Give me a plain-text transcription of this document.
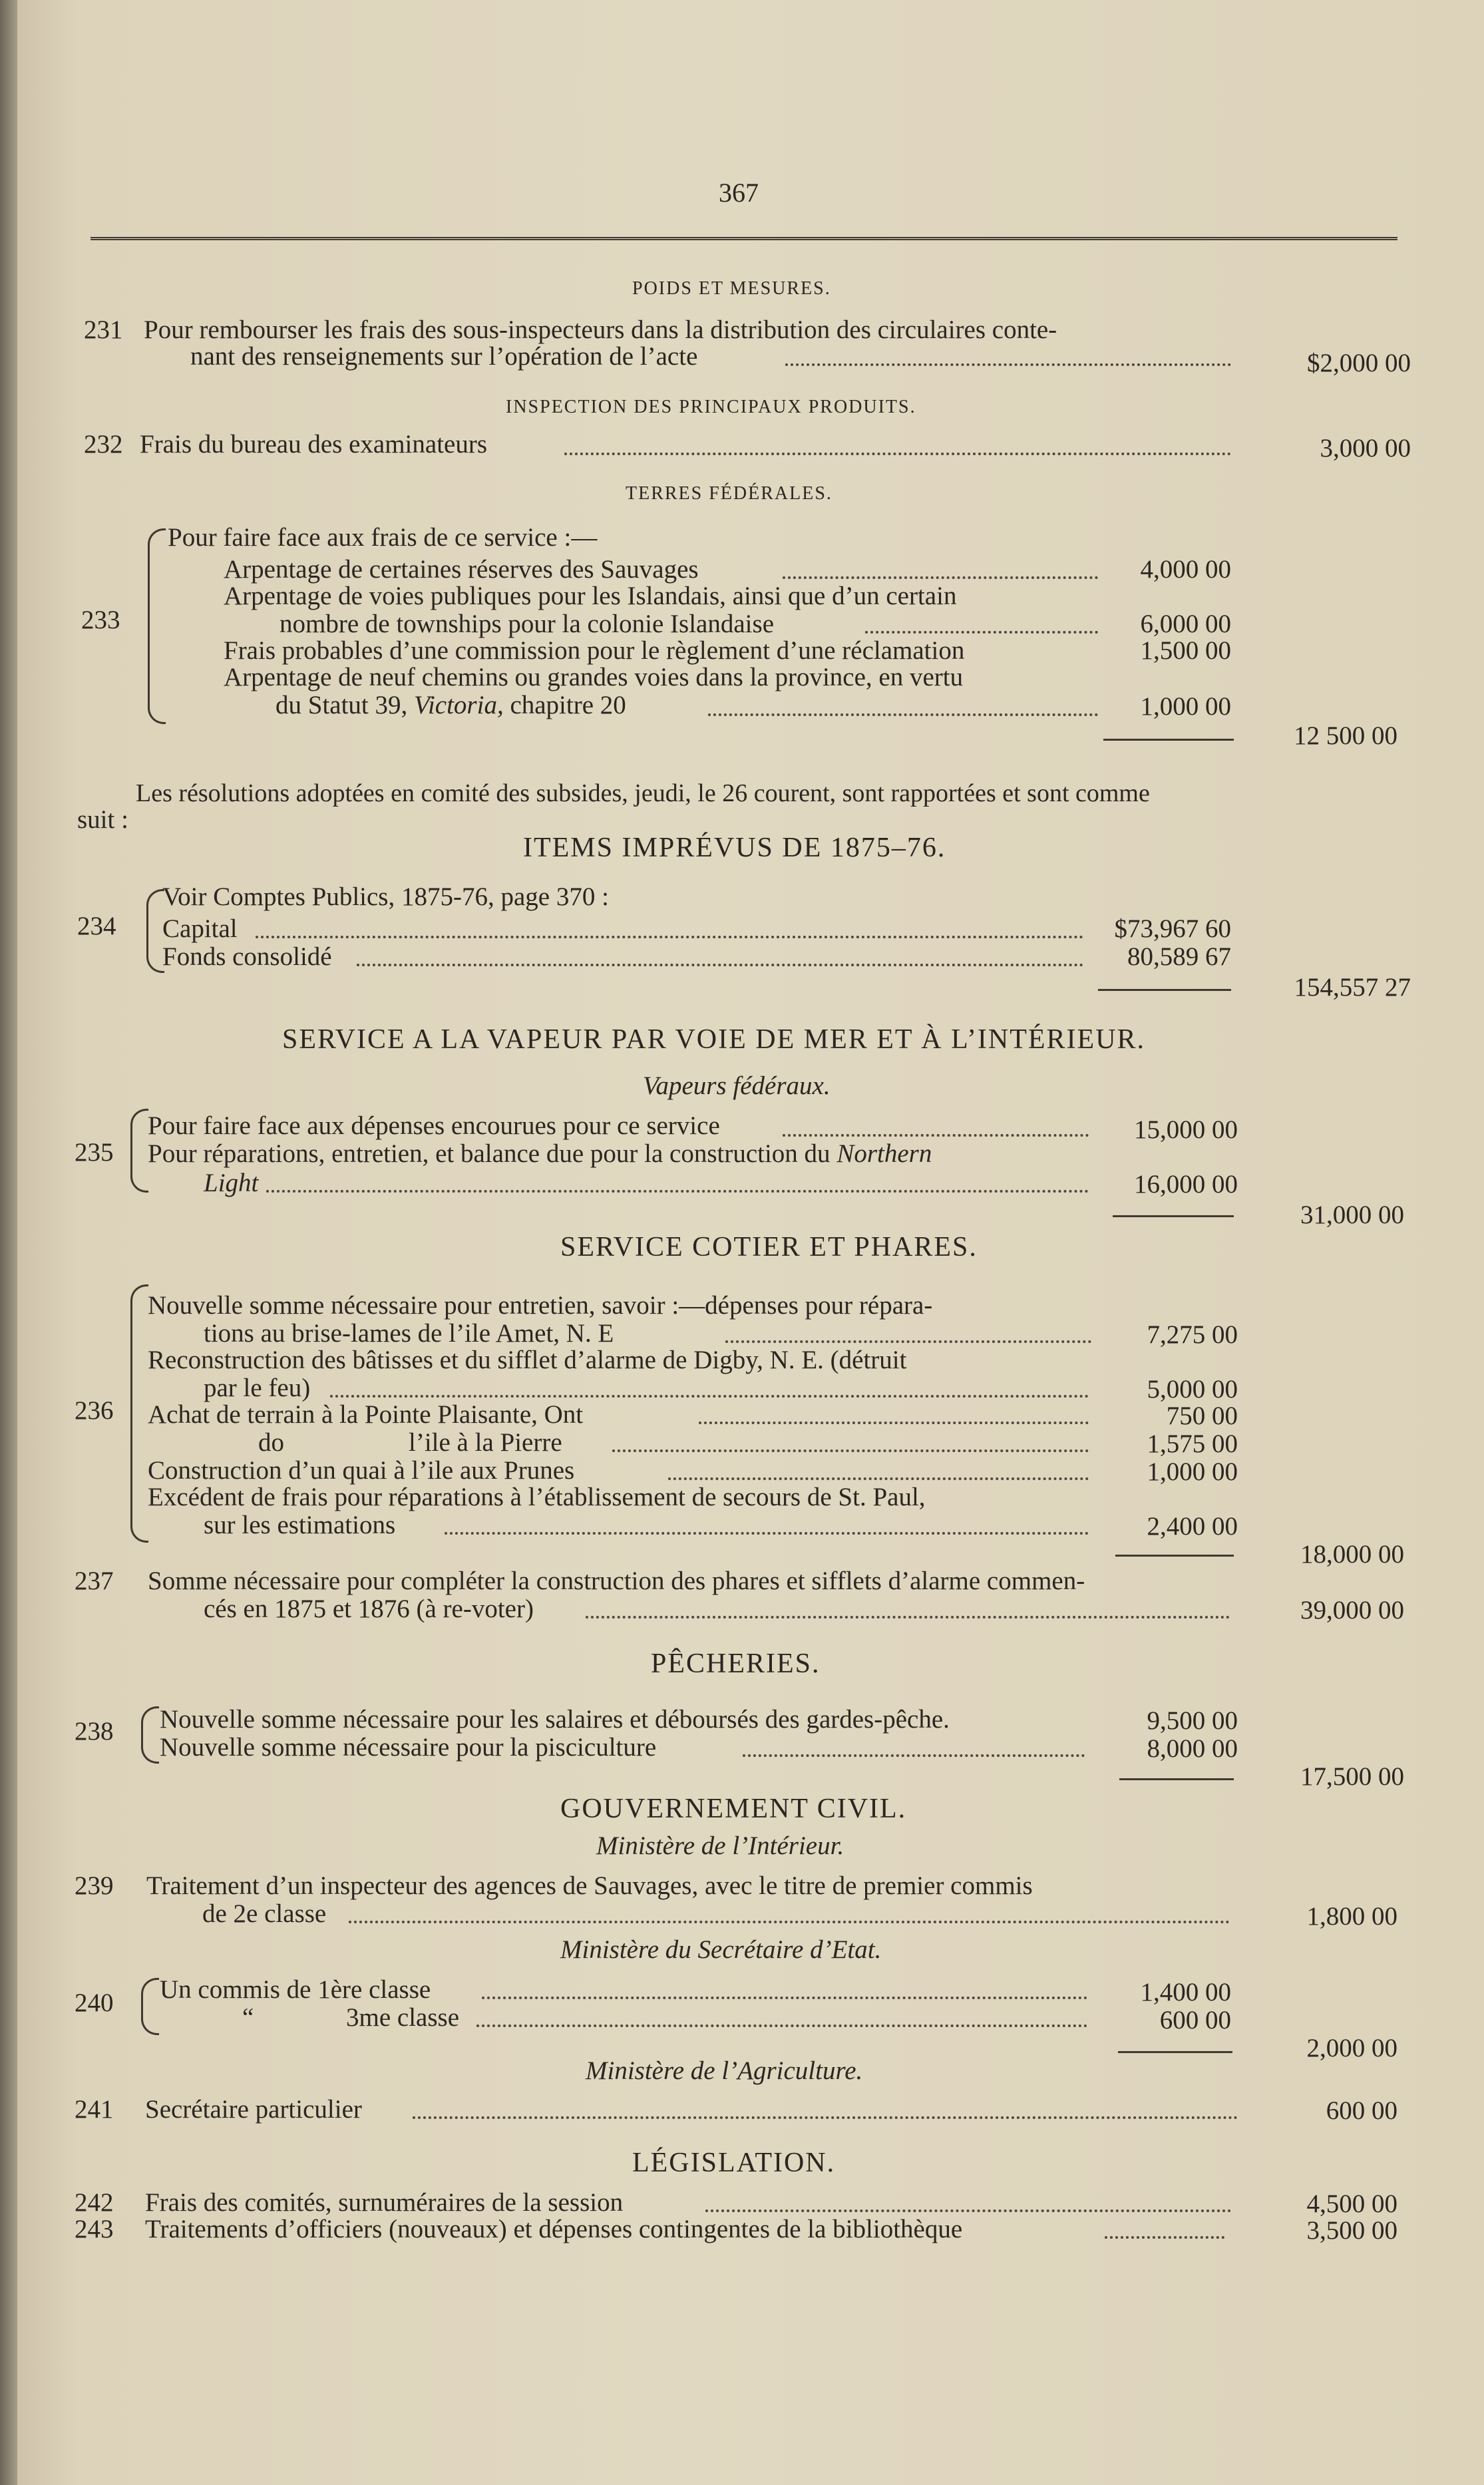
367
POIDS ET MESURES.
231 Pour rembourser les frais des sous-inspecteurs dans la distribution des circulaires conte-
nant des renseignements sur l’opération de l’acte	$2,000 00
INSPECTION DES PRINCIPAUX PRODUITS.
232 Frais du bureau des examinateurs	3,000 00
TERRES FÉDÉRALES.
233
Pour faire face aux frais de ce service :—
Arpentage de certaines réserves des Sauvages	4,000 00
Arpentage de voies publiques pour les Islandais, ainsi que d’un certain
nombre de townships pour la colonie Islandaise	6,000 00
Frais probables d’une commission pour le règlement d’une réclamation	1,500 00
Arpentage de neuf chemins ou grandes voies dans la province, en vertu
du Statut 39, Victoria, chapitre 20	1,000 00
12 500 00
Les résolutions adoptées en comité des subsides, jeudi, le 26 courent, sont rapportées et sont comme
suit :
ITEMS IMPRÉVUS DE 1875–76.
234
Voir Comptes Publics, 1875-76, page 370 :
Capital	$73,967 60
Fonds consolidé	80,589 67
154,557 27
SERVICE A LA VAPEUR PAR VOIE DE MER ET À L’INTÉRIEUR.
Vapeurs fédéraux.
235
Pour faire face aux dépenses encourues pour ce service	15,000 00
Pour réparations, entretien, et balance due pour la construction du Northern
Light	16,000 00
31,000 00
SERVICE COTIER ET PHARES.
236
Nouvelle somme nécessaire pour entretien, savoir :—dépenses pour répara-
tions au brise-lames de l’ile Amet, N. E	7,275 00
Reconstruction des bâtisses et du sifflet d’alarme de Digby, N. E. (détruit
par le feu)	5,000 00
Achat de terrain à la Pointe Plaisante, Ont	750 00
do	l’ile à la Pierre	1,575 00
Construction d’un quai à l’ile aux Prunes	1,000 00
Excédent de frais pour réparations à l’établissement de secours de St. Paul,
sur les estimations	2,400 00
18,000 00
237 Somme nécessaire pour compléter la construction des phares et sifflets d’alarme commen-
cés en 1875 et 1876 (à re-voter)	39,000 00
PÊCHERIES.
238 Nouvelle somme nécessaire pour les salaires et déboursés des gardes-pêche.	9,500 00
Nouvelle somme nécessaire pour la pisciculture	8,000 00
17,500 00
GOUVERNEMENT CIVIL.
Ministère de l’Intérieur.
239 Traitement d’un inspecteur des agences de Sauvages, avec le titre de premier commis
de 2e classe	1,800 00
Ministère du Secrétaire d’Etat.
240 Un commis de 1ère classe	1,400 00
“	3me classe	600 00
2,000 00
Ministère de l’Agriculture.
241 Secrétaire particulier	600 00
LÉGISLATION.
242 Frais des comités, surnuméraires de la session	4,500 00
243 Traitements d’officiers (nouveaux) et dépenses contingentes de la bibliothèque	3,500 00
